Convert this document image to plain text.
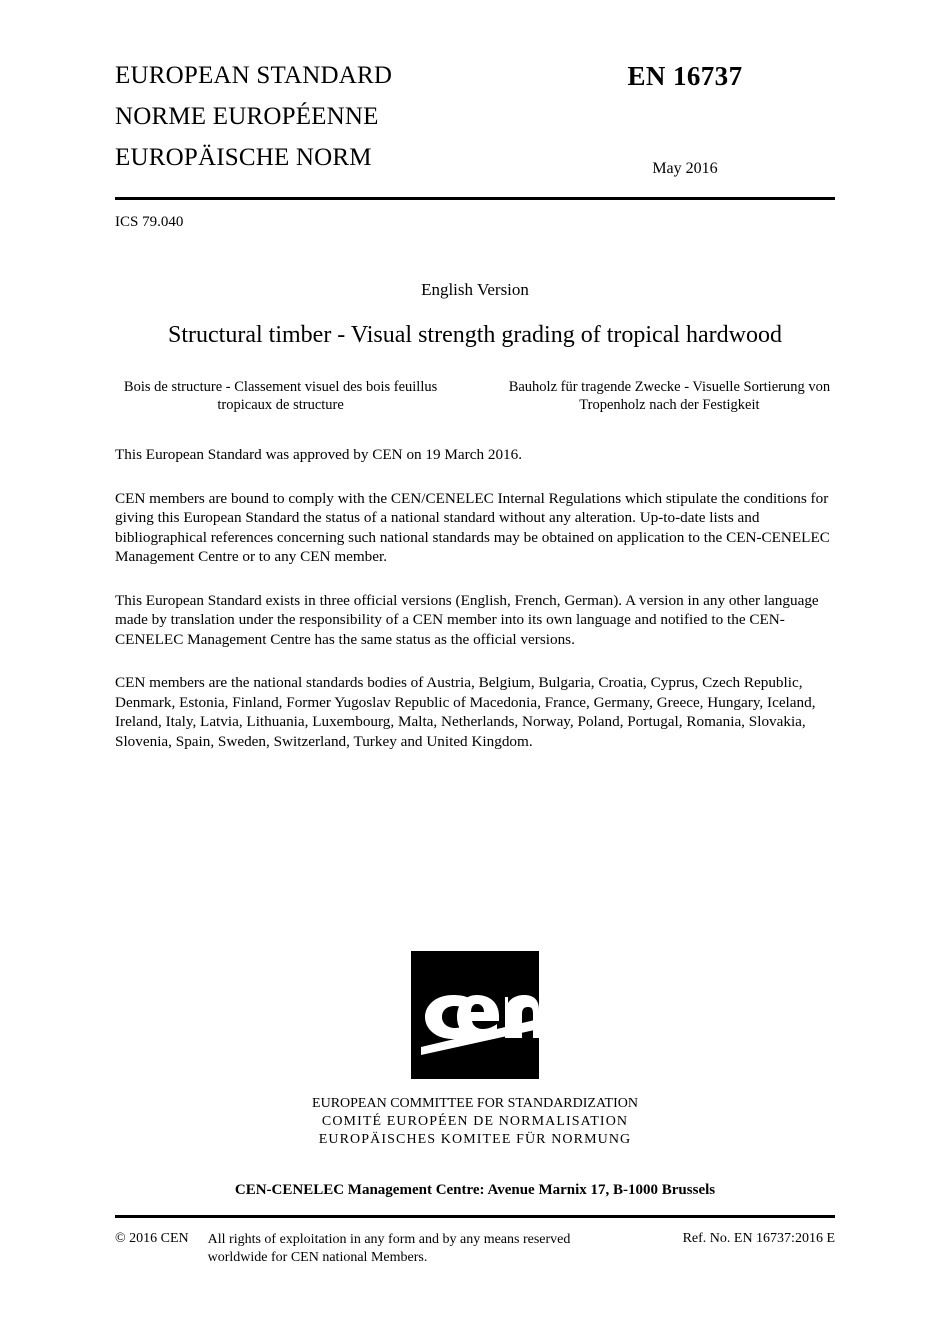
EUROPEAN STANDARD
NORME EUROPÉENNE
EUROPÄISCHE NORM
EN 16737
May 2016
ICS 79.040
English Version
Structural timber - Visual strength grading of tropical hardwood
Bois de structure - Classement visuel des bois feuillus tropicaux de structure
Bauholz für tragende Zwecke - Visuelle Sortierung von Tropenholz nach der Festigkeit
This European Standard was approved by CEN on 19 March 2016.
CEN members are bound to comply with the CEN/CENELEC Internal Regulations which stipulate the conditions for giving this European Standard the status of a national standard without any alteration. Up-to-date lists and bibliographical references concerning such national standards may be obtained on application to the CEN-CENELEC Management Centre or to any CEN member.
This European Standard exists in three official versions (English, French, German). A version in any other language made by translation under the responsibility of a CEN member into its own language and notified to the CEN-CENELEC Management Centre has the same status as the official versions.
CEN members are the national standards bodies of Austria, Belgium, Bulgaria, Croatia, Cyprus, Czech Republic, Denmark, Estonia, Finland, Former Yugoslav Republic of Macedonia, France, Germany, Greece, Hungary, Iceland, Ireland, Italy, Latvia, Lithuania, Luxembourg, Malta, Netherlands, Norway, Poland, Portugal, Romania, Slovakia, Slovenia, Spain, Sweden, Switzerland, Turkey and United Kingdom.
EUROPEAN COMMITTEE FOR STANDARDIZATION
COMITÉ EUROPÉEN DE NORMALISATION
EUROPÄISCHES KOMITEE FÜR NORMUNG
CEN-CENELEC Management Centre: Avenue Marnix 17, B-1000 Brussels
© 2016 CEN All rights of exploitation in any form and by any means reserved worldwide for CEN national Members.
Ref. No. EN 16737:2016 E
